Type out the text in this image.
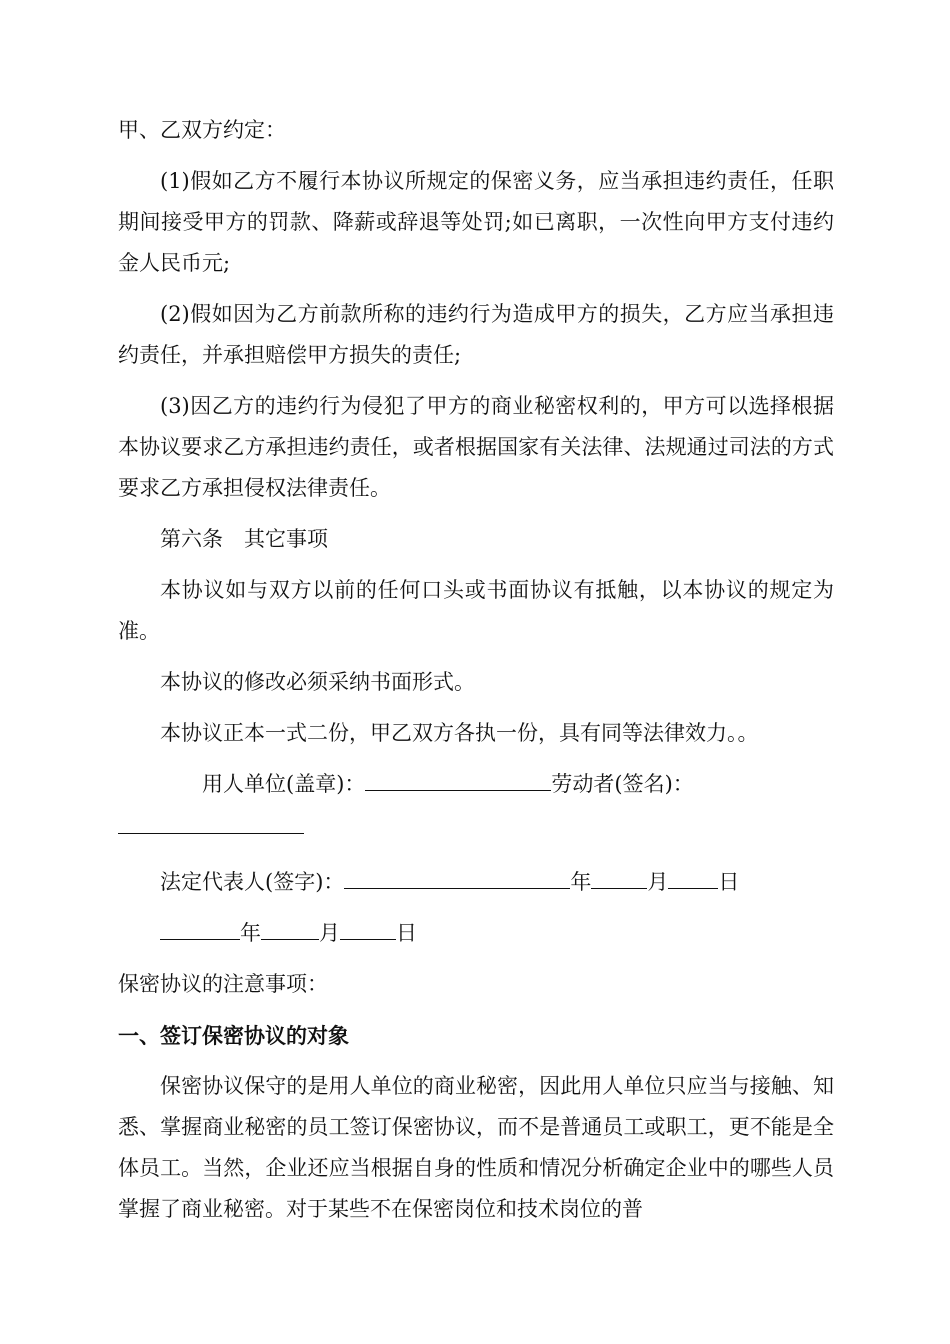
甲、乙双方约定：

(1)假如乙方不履行本协议所规定的保密义务，应当承担违约责任，任职期间接受甲方的罚款、降薪或辞退等处罚;如已离职，一次性向甲方支付违约金人民币元;

(2)假如因为乙方前款所称的违约行为造成甲方的损失，乙方应当承担违约责任，并承担赔偿甲方损失的责任;

(3)因乙方的违约行为侵犯了甲方的商业秘密权利的，甲方可以选择根据本协议要求乙方承担违约责任，或者根据国家有关法律、法规通过司法的方式要求乙方承担侵权法律责任。

第六条　其它事项

本协议如与双方以前的任何口头或书面协议有抵触，以本协议的规定为准。

本协议的修改必须采纳书面形式。

本协议正本一式二份，甲乙双方各执一份，具有同等法律效力。。

用人单位(盖章)：	劳动者(签名)：
法定代表人(签字)：	年	月 日
年	月	日

保密协议的注意事项：

一、签订保密协议的对象

保密协议保守的是用人单位的商业秘密，因此用人单位只应当与接触、知悉、掌握商业秘密的员工签订保密协议，而不是普通员工或职工，更不能是全体员工。当然，企业还应当根据自身的性质和情况分析确定企业中的哪些人员掌握了商业秘密。对于某些不在保密岗位和技术岗位的普
